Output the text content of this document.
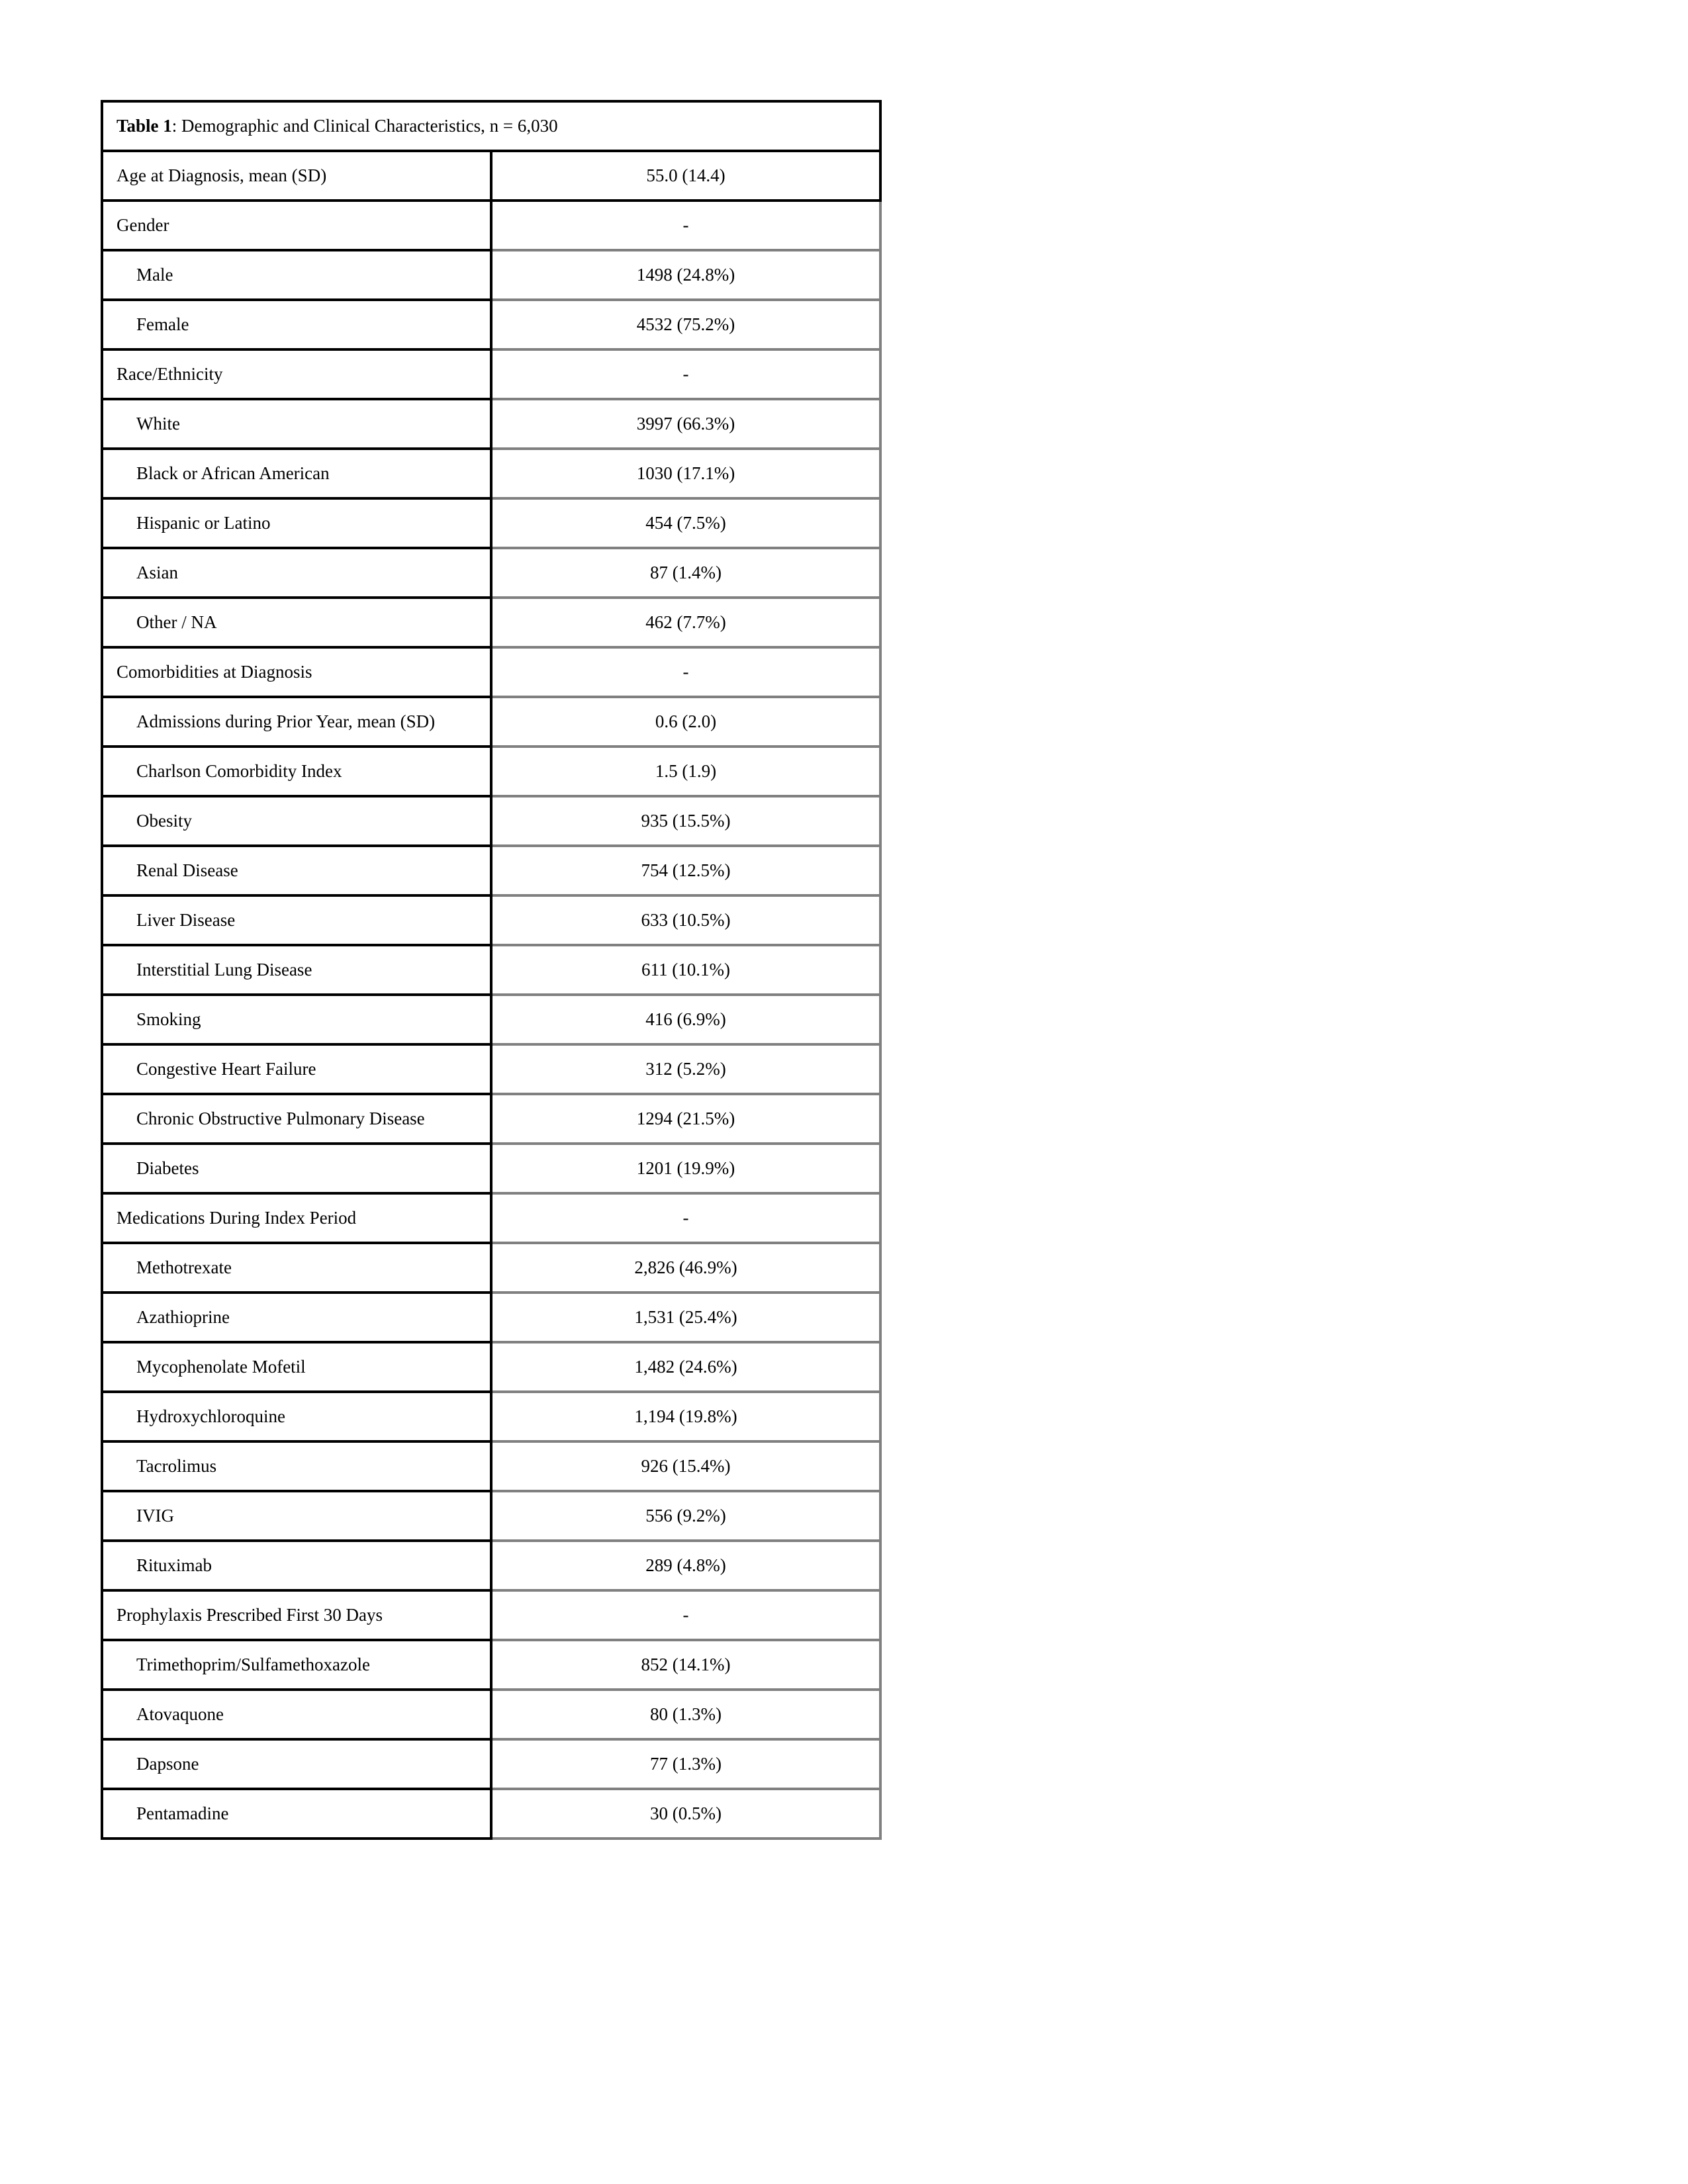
Table 1: Demographic and Clinical Characteristics, n = 6,030	
Age at Diagnosis, mean (SD)	55.0 (14.4)
Gender	-
Male	1498 (24.8%)
Female	4532 (75.2%)
Race/Ethnicity	-
White	3997 (66.3%)
Black or African American	1030 (17.1%)
Hispanic or Latino	454 (7.5%)
Asian	87 (1.4%)
Other / NA	462 (7.7%)
Comorbidities at Diagnosis	-
Admissions during Prior Year, mean (SD)	0.6 (2.0)
Charlson Comorbidity Index	1.5 (1.9)
Obesity	935 (15.5%)
Renal Disease	754 (12.5%)
Liver Disease	633 (10.5%)
Interstitial Lung Disease	611 (10.1%)
Smoking	416 (6.9%)
Congestive Heart Failure	312 (5.2%)
Chronic Obstructive Pulmonary Disease	1294 (21.5%)
Diabetes	1201 (19.9%)
Medications During Index Period	-
Methotrexate	2,826 (46.9%)
Azathioprine	1,531 (25.4%)
Mycophenolate Mofetil	1,482 (24.6%)
Hydroxychloroquine	1,194 (19.8%)
Tacrolimus	926 (15.4%)
IVIG	556 (9.2%)
Rituximab	289 (4.8%)
Prophylaxis Prescribed First 30 Days	-
Trimethoprim/Sulfamethoxazole	852 (14.1%)
Atovaquone	80 (1.3%)
Dapsone	77 (1.3%)
Pentamadine	30 (0.5%)
